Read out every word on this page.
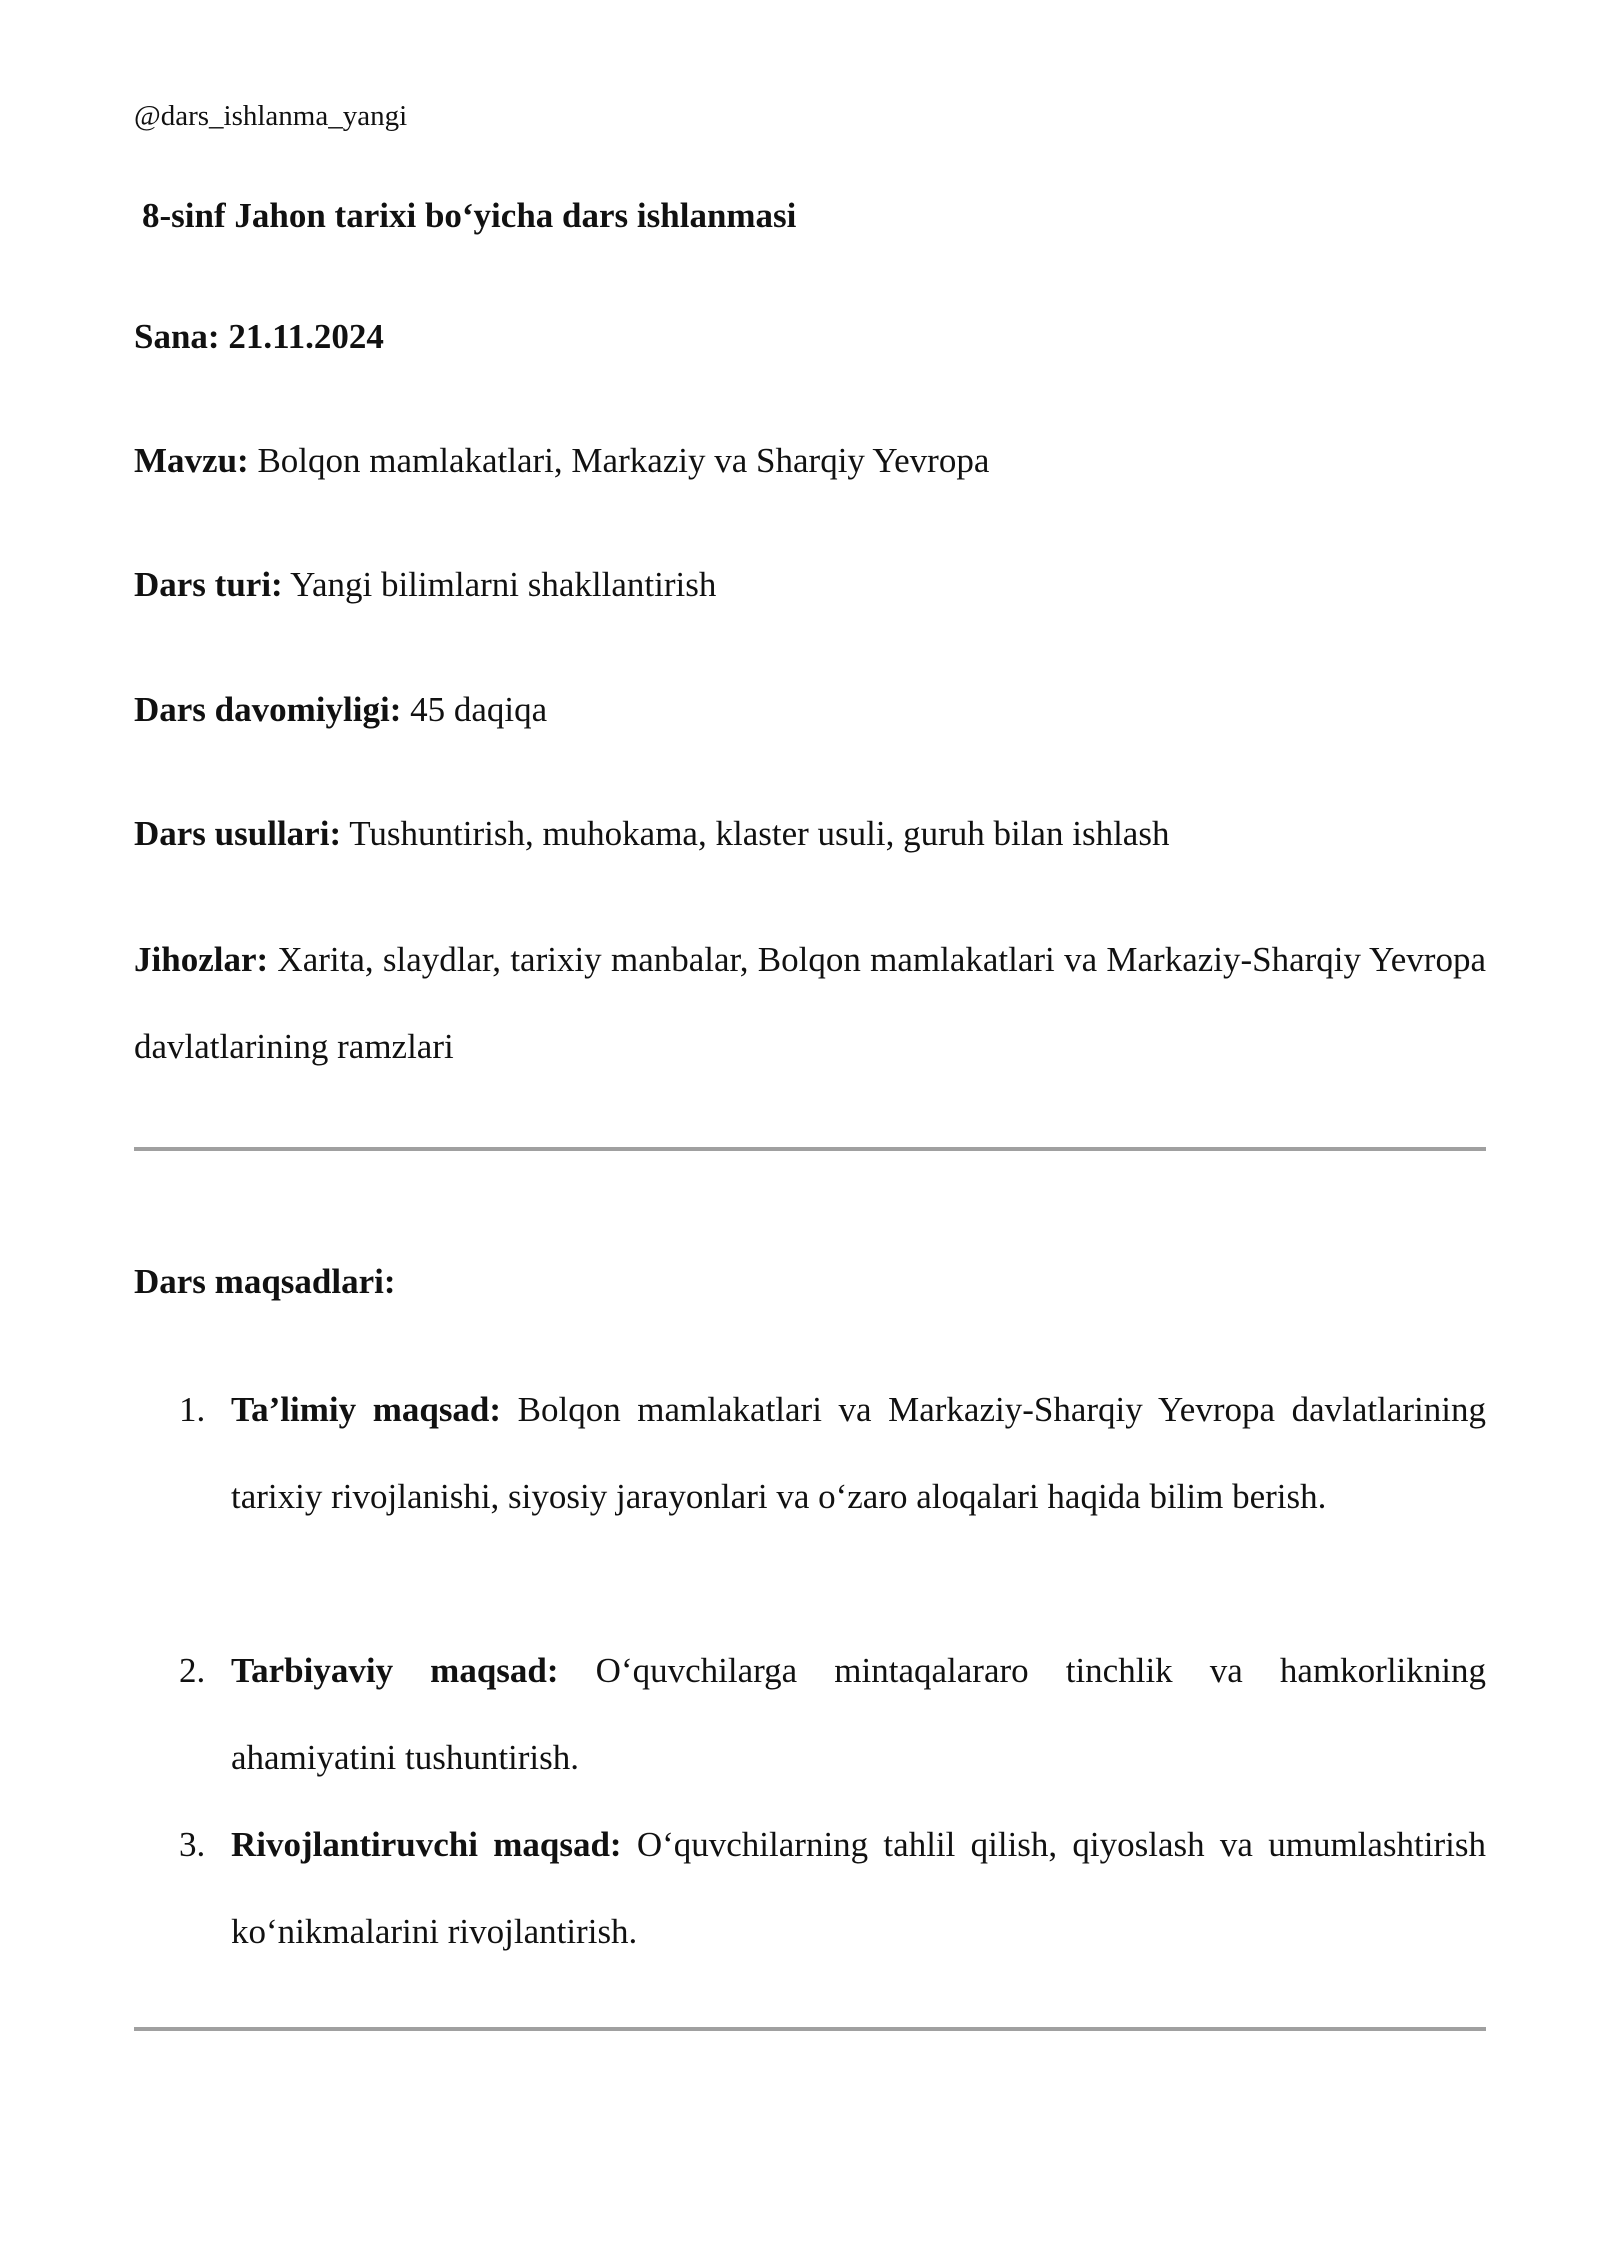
@dars_ishlanma_yangi
8-sinf Jahon tarixi bo‘yicha dars ishlanmasi
Sana: 21.11.2024
Mavzu: Bolqon mamlakatlari, Markaziy va Sharqiy Yevropa
Dars turi: Yangi bilimlarni shakllantirish
Dars davomiyligi: 45 daqiqa
Dars usullari: Tushuntirish, muhokama, klaster usuli, guruh bilan ishlash
Jihozlar: Xarita, slaydlar, tarixiy manbalar, Bolqon mamlakatlari va Markaziy-Sharqiy Yevropa davlatlarining ramzlari
Dars maqsadlari:
1. Ta’limiy maqsad: Bolqon mamlakatlari va Markaziy-Sharqiy Yevropa davlatlarining tarixiy rivojlanishi, siyosiy jarayonlari va o‘zaro aloqalari haqida bilim berish.
2. Tarbiyaviy maqsad: O‘quvchilarga mintaqalararo tinchlik va hamkorlikning ahamiyatini tushuntirish.
3. Rivojlantiruvchi maqsad: O‘quvchilarning tahlil qilish, qiyoslash va umumlashtirish ko‘nikmalarini rivojlantirish.
